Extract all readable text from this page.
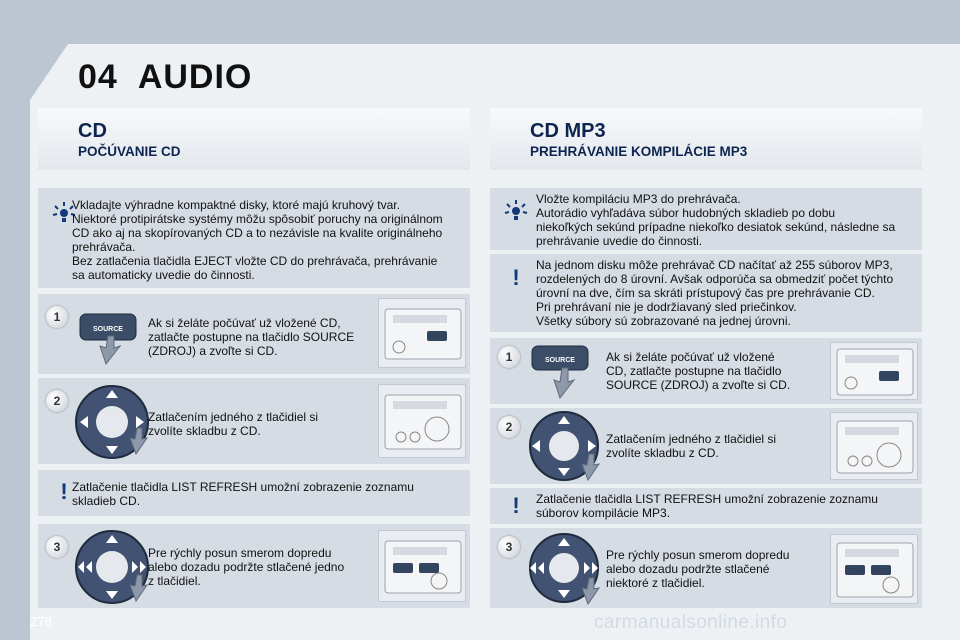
04 AUDIO
CD
POČÚVANIE CD
CD MP3
PREHRÁVANIE KOMPILÁCIE MP3
Vkladajte výhradne kompaktné disky, ktoré majú kruhový tvar.
Niektoré protipirátske systémy môžu spôsobiť poruchy na originálnom
CD ako aj na skopírovaných CD a to nezávisle na kvalite originálneho
prehrávača.
Bez zatlačenia tlačidla EJECT vložte CD do prehrávača, prehrávanie
sa automaticky uvedie do činnosti.
1
SOURCE Ak si želáte počúvať už vložené CD,
zatlačte postupne na tlačidlo SOURCE
(ZDROJ) a zvoľte si CD.
2
Zatlačením jedného z tlačidiel si
zvolíte skladbu z CD.
! Zatlačenie tlačidla LIST REFRESH umožní zobrazenie zoznamu
skladieb CD.
3	Pre rýchly posun smerom dopredu
alebo dozadu podržte stlačené jedno
z tlačidiel.
Vložte kompiláciu MP3 do prehrávača.
Autorádio vyhľadáva súbor hudobných skladieb po dobu
niekoľkých sekúnd prípadne niekoľko desiatok sekúnd, následne sa
prehrávanie uvedie do činnosti.
!	Na jednom disku môže prehrávač CD načítať až 255 súborov MP3,
rozdelených do 8 úrovní. Avšak odporúča sa obmedziť počet týchto
úrovní na dve, čím sa skráti prístupový čas pre prehrávanie CD.
Pri prehrávaní nie je dodržiavaný sled priečinkov.
Všetky súbory sú zobrazované na jednej úrovni.
1	SOURCE	Ak si želáte počúvať už vložené
CD, zatlačte postupne na tlačidlo
SOURCE (ZDROJ) a zvoľte si CD.
2
Zatlačením jedného z tlačidiel si
zvolíte skladbu z CD.
!	Zatlačenie tlačidla LIST REFRESH umožní zobrazenie zoznamu
súborov kompilácie MP3.
3
Pre rýchly posun smerom dopredu
alebo dozadu podržte stlačené
niektoré z tlačidiel.
278	carmanualsonline.info
